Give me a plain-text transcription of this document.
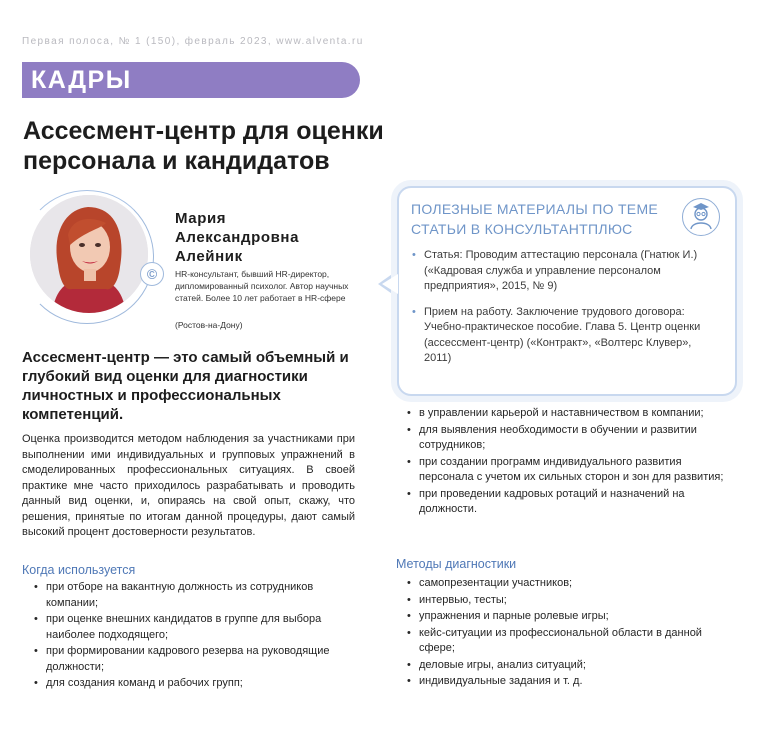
Первая полоса, № 1 (150), февраль 2023, www.alventa.ru
КАДРЫ
Ассесмент-центр для оценки персонала и кандидатов
©
Мария Александровна Алейник
HR-консультант, бывший HR-директор, дипломированный психолог. Автор научных статей. Более 10 лет работает в HR-сфере
(Ростов-на-Дону)
Ассесмент-центр — это самый объемный и глубокий вид оценки для диагностики личностных и профессиональных компетенций.
Оценка производится методом наблюдения за участниками при выполнении ими индивидуальных и групповых упражнений в смоделированных профессиональных ситуациях. В своей практике мне часто приходилось разрабатывать и проводить данный вид оценки, и, опираясь на свой опыт, скажу, что решения, принятые по итогам данной процедуры, дают самый высокий процент достоверности результатов.
Когда используется
• при отборе на вакантную должность из сотрудников компании;
• при оценке внешних кандидатов в группе для выбора наиболее подходящего;
• при формировании кадрового резерва на руководящие должности;
• для создания команд и рабочих групп;
ПОЛЕЗНЫЕ МАТЕРИАЛЫ ПО ТЕМЕ СТАТЬИ В КОНСУЛЬТАНТПЛЮС
• Статья: Проводим аттестацию персонала (Гнатюк И.) («Кадровая служба и управление персоналом предприятия», 2015, № 9)
• Прием на работу. Заключение трудового договора: Учебно-практическое пособие. Глава 5. Центр оценки (ассессмент-центр) («Контракт», «Волтерс Клувер», 2011)
• в управлении карьерой и наставничеством в компании;
• для выявления необходимости в обучении и развитии сотрудников;
• при создании программ индивидуального развития персонала с учетом их сильных сторон и зон для развития;
• при проведении кадровых ротаций и назначений на должности.
Методы диагностики
• самопрезентации участников;
• интервью, тесты;
• упражнения и парные ролевые игры;
• кейс-ситуации из профессиональной области в данной сфере;
• деловые игры, анализ ситуаций;
• индивидуальные задания и т. д.
